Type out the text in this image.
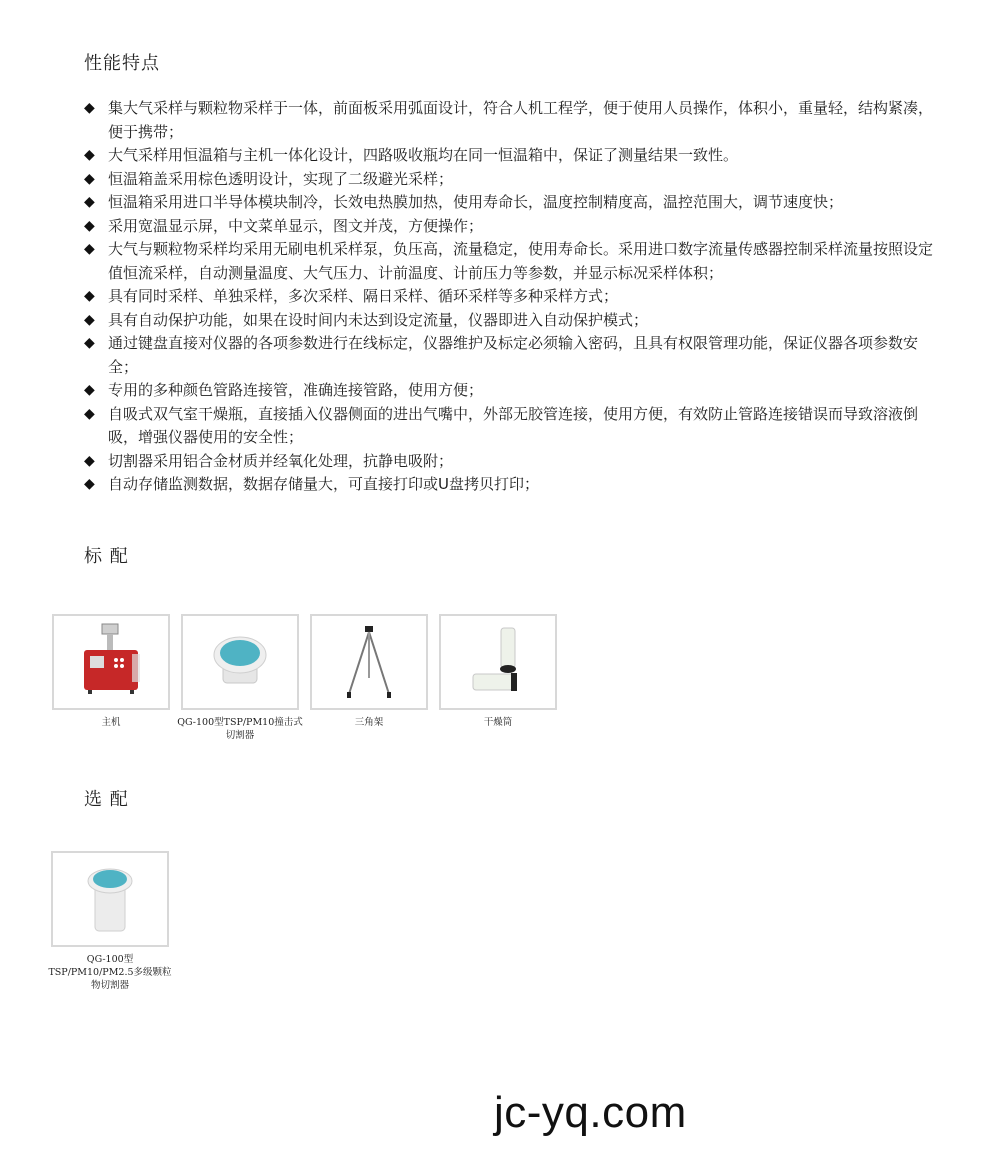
性能特点
◆ 集大气采样与颗粒物采样于一体，前面板采用弧面设计，符合人机工程学，便于使用人员操作，体积小，重量轻，结构紧凑，便于携带；
◆ 大气采样用恒温箱与主机一体化设计，四路吸收瓶均在同一恒温箱中，保证了测量结果一致性。
◆ 恒温箱盖采用棕色透明设计，实现了二级避光采样；
◆ 恒温箱采用进口半导体模块制冷，长效电热膜加热，使用寿命长，温度控制精度高，温控范围大，调节速度快；
◆ 采用宽温显示屏，中文菜单显示，图文并茂，方便操作；
◆ 大气与颗粒物采样均采用无刷电机采样泵，负压高，流量稳定，使用寿命长。采用进口数字流量传感器控制采样流量按照设定值恒流采样，自动测量温度、大气压力、计前温度、计前压力等参数，并显示标况采样体积；
◆ 具有同时采样、单独采样，多次采样、隔日采样、循环采样等多种采样方式；
◆ 具有自动保护功能，如果在设时间内未达到设定流量，仪器即进入自动保护模式；
◆ 通过键盘直接对仪器的各项参数进行在线标定，仪器维护及标定必须输入密码，且具有权限管理功能，保证仪器各项参数安全；
◆ 专用的多种颜色管路连接管，准确连接管路，使用方便；
◆ 自吸式双气室干燥瓶，直接插入仪器侧面的进出气嘴中，外部无胶管连接，使用方便，有效防止管路连接错误而导致溶液倒吸，增强仪器使用的安全性；
◆ 切割器采用铝合金材质并经氧化处理，抗静电吸附；
◆ 自动存储监测数据，数据存储量大，可直接打印或U盘拷贝打印；
标 配
主机	QG-100型TSP/PM10撞击式切割器
三角架	干燥筒
选 配
QG-100型TSP/PM10/PM2.5多级颗粒物切割器
jc-yq.com
